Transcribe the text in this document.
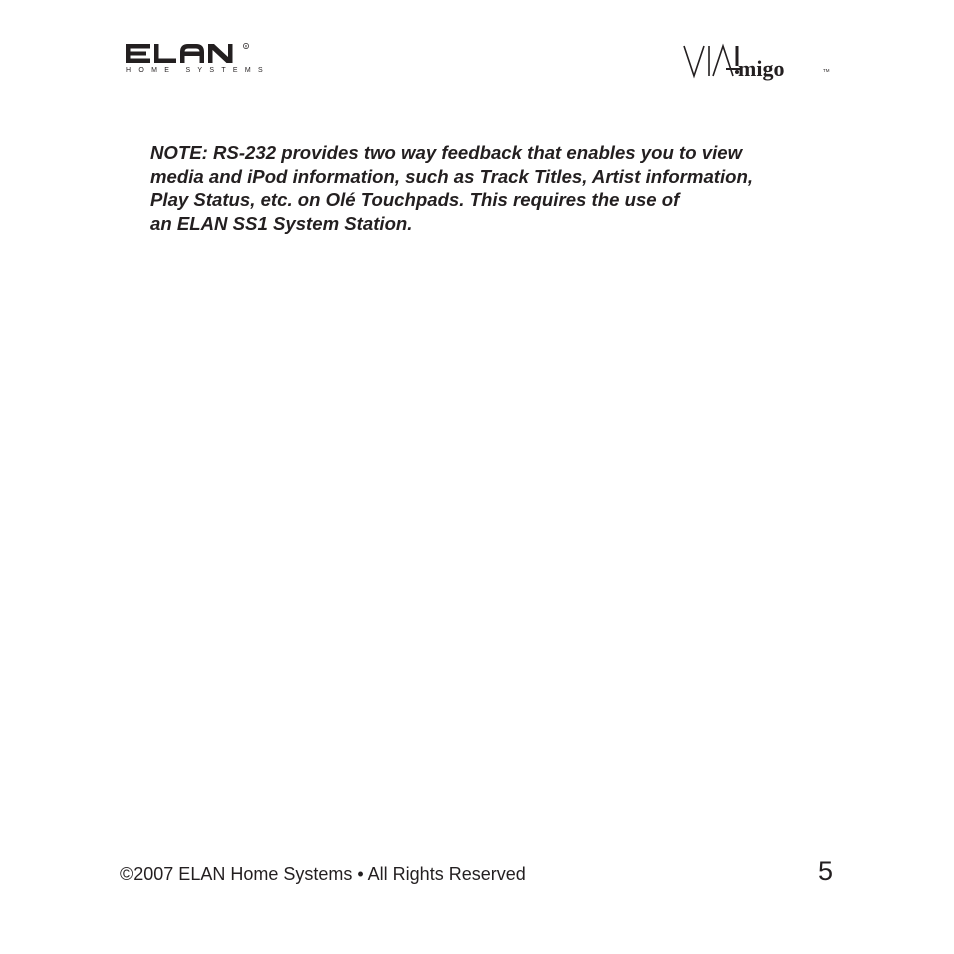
R
HOME SYSTEMS	migo	TM
NOTE: RS-232 provides two way feedback that enables you to view
media and iPod information, such as Track Titles, Artist information,
Play Status, etc. on Olé Touchpads. This requires the use of
an ELAN SS1 System Station.
©2007 ELAN Home Systems • All Rights Reserved	5
